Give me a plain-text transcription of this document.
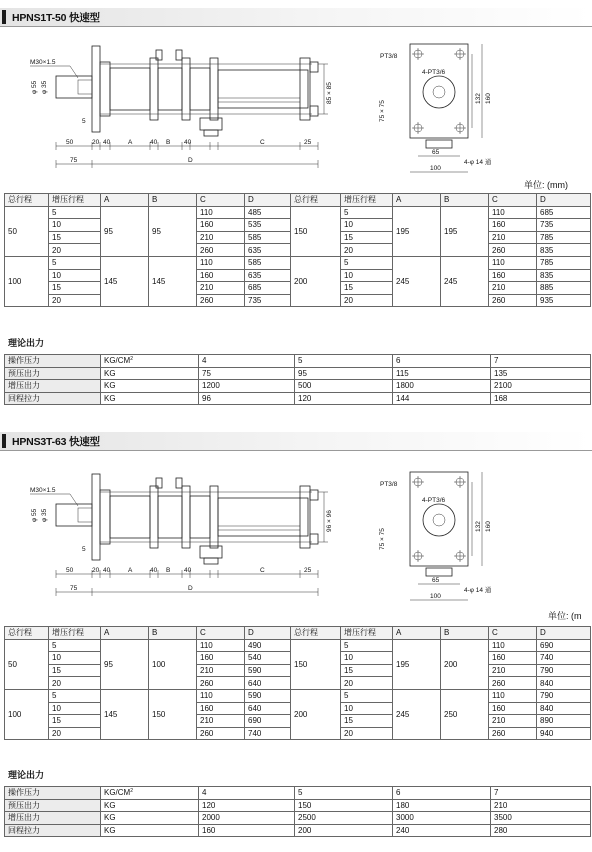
HPNS1T-50 快速型
M30×1.5
φ 55 φ 35
5
85 × 85
50	20 40	A	40 B 40	C	25
75	D
PT3/8
4-PT3/6
75 × 75
132 160
65
100
4-φ 14 通
单位: (mm)
总行程	增压行程	A	B	C	D	总行程	增压行程	A	B	C	D
50	5	95	95	110	485	150	5	195	195	110	685
	10			160	535		10			160	735
	15			210	585		15			210	785
	20			260	635		20			260	835
100	5	145	145	110	585	200	5	245	245	110	785
	10			160	635		10			160	835
	15			210	685		15			210	885
	20			260	735		20			260	935
理论出力
操作压力	$KG/CM^2$	4	5	6	7
预压出力	KG	75	95	115	135
增压出力	KG	1200	500	1800	2100
回程拉力	KG	96	120	144	168
HPNS3T-63 快速型
M30×1.5
φ 55 φ 35
5
96 × 96
50	20 40	A	40 B 40	C	25
75	D
PT3/8
4-PT3/6
75 × 75
132 160
65
100
4-φ 14 通
单位: (m
总行程	增压行程	A	B	C	D	总行程	增压行程	A	B	C	D
50	5	95	100	110	490	150	5	195	200	110	690
	10			160	540		10			160	740
	15			210	590		15			210	790
	20			260	640		20			260	840
100	5	145	150	110	590	200	5	245	250	110	790
	10			160	640		10			160	840
	15			210	690		15			210	890
	20			260	740		20			260	940
理论出力
操作压力	$KG/CM^2$	4	5	6	7
预压出力	KG	120	150	180	210
增压出力	KG	2000	2500	3000	3500
回程拉力	KG	160	200	240	280
